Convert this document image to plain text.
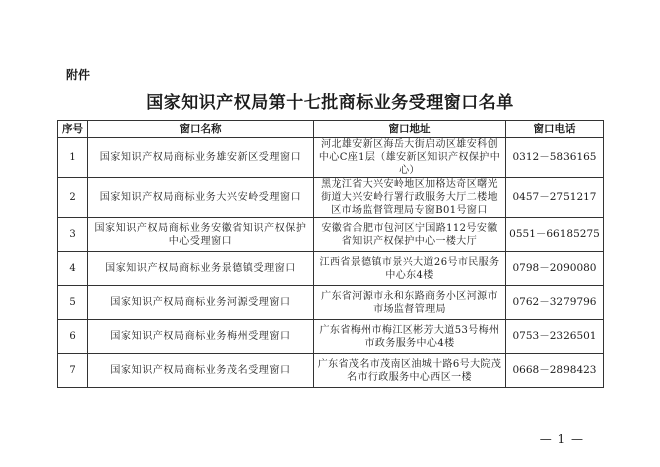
附件
国家知识产权局第十七批商标业务受理窗口名单
序号	窗口名称	窗口地址	窗口电话
1	国家知识产权局商标业务雄安新区受理窗口	河北雄安新区海岳大街启动区雄安科创中心C座1层（雄安新区知识产权保护中心）	0312－5836165
2	国家知识产权局商标业务大兴安岭受理窗口	黑龙江省大兴安岭地区加格达奇区曙光街道大兴安岭行署行政服务大厅二楼地区市场监督管理局专窗B01号窗口	0457－2751217
3	国家知识产权局商标业务安徽省知识产权保护中心受理窗口	安徽省合肥市包河区宁国路112号安徽省知识产权保护中心一楼大厅	0551－66185275
4	国家知识产权局商标业务景德镇受理窗口	江西省景德镇市景兴大道26号市民服务中心东4楼	0798－2090080
5	国家知识产权局商标业务河源受理窗口	广东省河源市永和东路商务小区河源市市场监督管理局	0762－3279796
6	国家知识产权局商标业务梅州受理窗口	广东省梅州市梅江区彬芳大道53号梅州市政务服务中心4楼	0753－2326501
7	国家知识产权局商标业务茂名受理窗口	广东省茂名市茂南区油城十路6号大院茂名市行政服务中心西区一楼	0668－2898423
— 1 —
